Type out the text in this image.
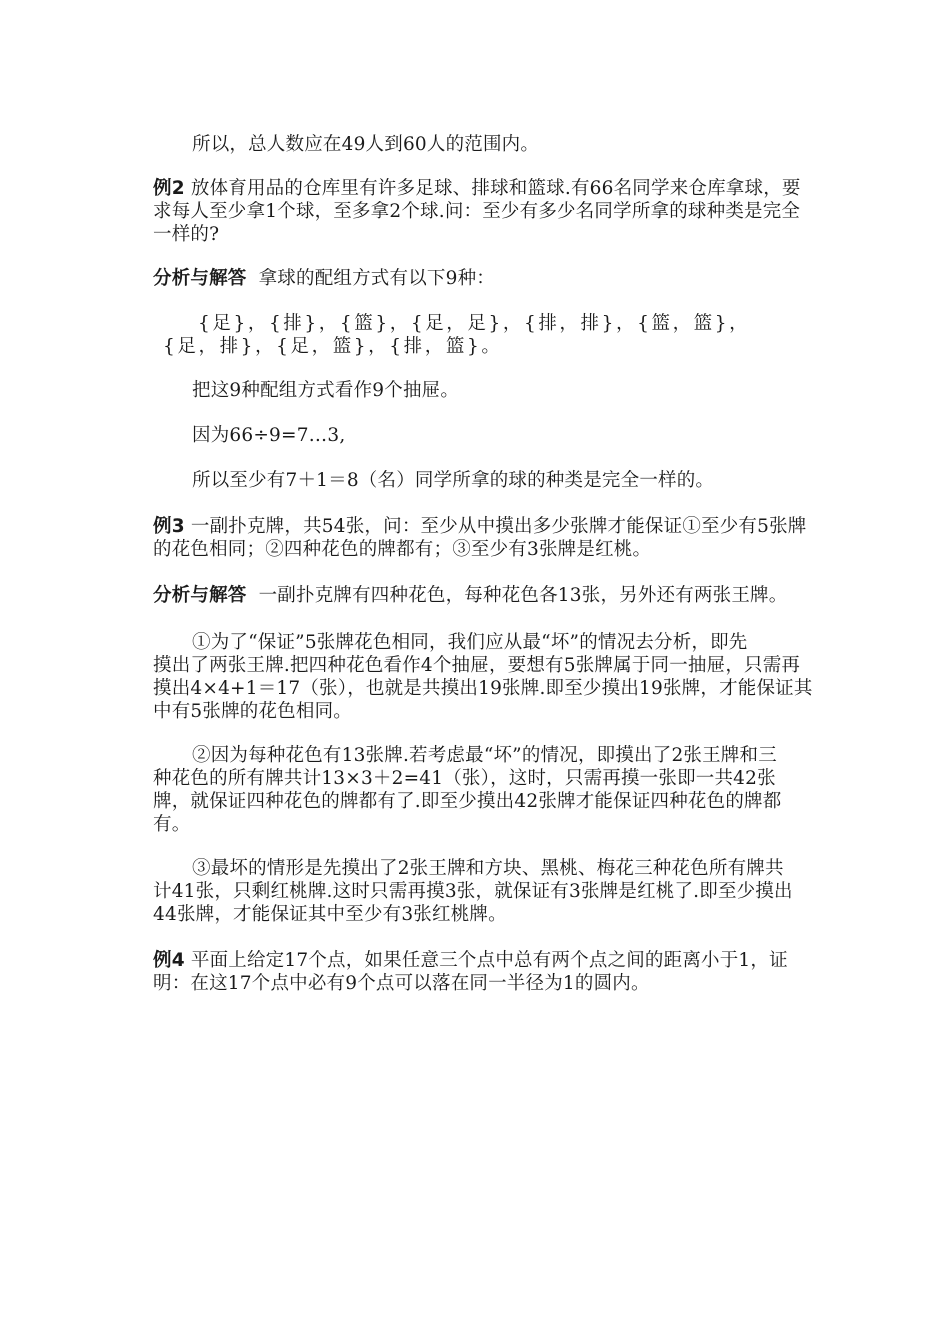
所以，总人数应在49人到60人的范围内。
例2 放体育用品的仓库里有许多足球、排球和篮球.有66名同学来仓库拿球，要
求每人至少拿1个球，至多拿2个球.问：至少有多少名同学所拿的球种类是完全
一样的?
分析与解答 拿球的配组方式有以下9种：
{足}，{排}，{篮}，{足，足}，{排，排}，{篮，篮}，
{足，排}，{足，篮}，{排，篮}。
把这9种配组方式看作9个抽屉。
因为66÷9=7…3,
所以至少有7＋1＝8（名）同学所拿的球的种类是完全一样的。
例3 一副扑克牌，共54张，问：至少从中摸出多少张牌才能保证①至少有5张牌
的花色相同；②四种花色的牌都有；③至少有3张牌是红桃。
分析与解答 一副扑克牌有四种花色，每种花色各13张，另外还有两张王牌。
①为了“保证”5张牌花色相同，我们应从最“坏”的情况去分析，即先
摸出了两张王牌.把四种花色看作4个抽屉，要想有5张牌属于同一抽屉，只需再
摸出4×4+1＝17（张），也就是共摸出19张牌.即至少摸出19张牌，才能保证其
中有5张牌的花色相同。
②因为每种花色有13张牌.若考虑最“坏”的情况，即摸出了2张王牌和三
种花色的所有牌共计13×3＋2=41（张），这时，只需再摸一张即一共42张
牌，就保证四种花色的牌都有了.即至少摸出42张牌才能保证四种花色的牌都
有。
③最坏的情形是先摸出了2张王牌和方块、黑桃、梅花三种花色所有牌共
计41张，只剩红桃牌.这时只需再摸3张，就保证有3张牌是红桃了.即至少摸出
44张牌，才能保证其中至少有3张红桃牌。
例4 平面上给定17个点，如果任意三个点中总有两个点之间的距离小于1，证
明：在这17个点中必有9个点可以落在同一半径为1的圆内。
